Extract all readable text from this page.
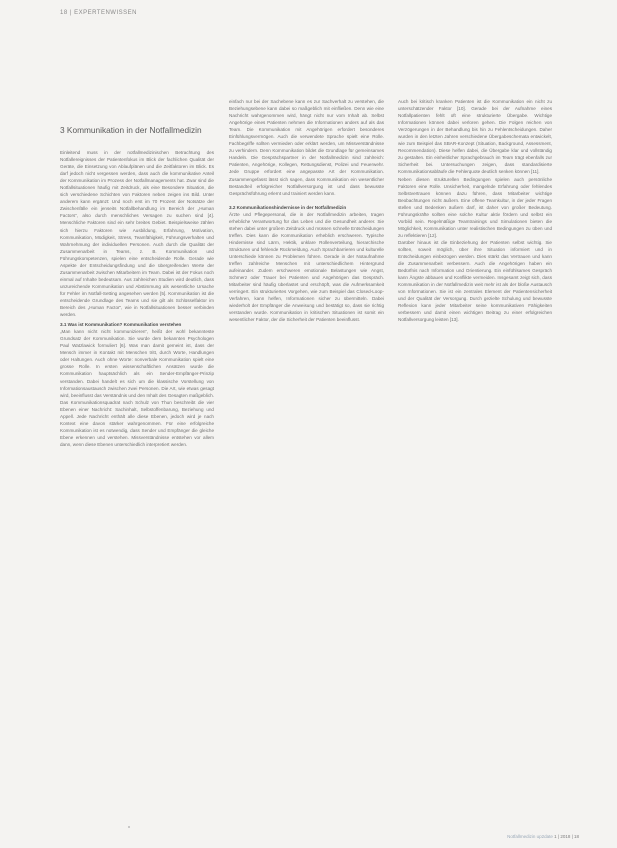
18 | EXPERTENWISSEN
3 Kommunikation in der Notfallmedizin

Einleitend muss in der notfallmedizinischen Betrachtung des Notfallereignisses der Patientenfokus im Blick der fachlichen Qualität der Geräte, die Einsetzung von Ablaufplänen und die Zeitfaktoren im Blick. Es darf jedoch nicht vergessen werden, dass auch die kommunikative Anteil der Kommunikation im Prozess der Notfallmanagements hat. Zwar sind die Notfallsituationen häufig mit Zeitdruck, als eine Besondere Situation, die sich verschiedene Schichten von Faktoren neben zeigen ins Bild. Unter anderem kann ergänzt: Und noch erst im 70 Prozent der Notsätze der Zwischenfälle ein jenseits Notfallbehandlung im Bereich der „Human Factors“, also durch menschliches Versagen zu suchen sind [4]. Menschliche Faktoren sind ein sehr breites Gebiet. Beispielsweise zählen sich hierzu Faktoren wie Ausbildung, Erfahrung, Motivation, Kommunikation, Müdigkeit, Stress, Teamfähigkeit, Führungsverhalten und Wahrnehmung der individuellen Personen. Auch durch die Qualität der Zusammenarbeit in Teams, z. B. Kommunikation und Führungskompetenzen, spielen eine entscheidende Rolle. Gerade wie Aspekte der Entscheidungsfindung und die übergreifenden Werte der Zusammenarbeit zwischen Mitarbeitern im Team. Dabei ist der Fokus noch einmal auf Inhalte bedeutsam. Aus zahlreichen Studien wird deutlich, dass unzureichende Kommunikation und Abstimmung als wesentliche Ursache für Fehler im Notfall-Setting angesehen werden [5]. Kommunikation ist die entscheidende Grundlage des Teams und sie gilt als Schlüsselfaktor im Bereich des „Human Factor“, wie in Notfallsituationen besser verbinden werden.

3.1 Was ist Kommunikation? Kommunikation verstehen

„Man kann nicht nicht kommunizieren“, heißt der wohl bekannteste Grundsatz der Kommunikation. Sie wurde dem bekannten Psychologen Paul Watzlawick formuliert [6]. Was man damit gemeint ist, dass der Mensch immer in Kontakt mit Menschen tritt, durch Worte, Handlungen oder Haltungen. Auch ohne Worte: nonverbale Kommunikation spielt eine grosse Rolle. In ersten wissenschaftlichen Ansätzen wurde die Kommunikation hauptsächlich als ein Sender-Empfänger-Prinzip verstanden. Dabei handelt es sich um die klassische Vorstellung von Informationsaustausch zwischen zwei Personen. Die Art, wie etwas gesagt wird, beeinflusst das Verständnis und den Inhalt des Gesagten maßgeblich. Das Kommunikationsquadrat nach Schulz von Thun beschreibt die vier Ebenen einer Nachricht: Sachinhalt, Selbstoffenbarung, Beziehung und Appell. Jede Nachricht enthält alle diese Ebenen, jedoch wird je nach Kontext eine davon stärker wahrgenommen. Für eine erfolgreiche Kommunikation ist es notwendig, dass Sender und Empfänger die gleiche Ebene erkennen und verstehen. Missverständnisse entstehen vor allem dann, wenn diese Ebenen unterschiedlich interpretiert werden.

einfach nur bei der Sachebene kann es zur Sachverhalt zu verstehen, die Beziehungsebene kann dabei so maßgeblich mit einfließen. Denn wie eine Nachricht wahrgenommen wird, hängt nicht nur vom Inhalt ab. Selbst Angehörige eines Patienten nehmen die Informationen anders auf als das Team. Die Kommunikation mit Angehörigen erfordert besonderes Einfühlungsvermögen. Auch die verwendete Sprache spielt eine Rolle. Fachbegriffe sollten vermieden oder erklärt werden, um Missverständnisse zu verhindern. Denn Kommunikation bildet die Grundlage für gemeinsames Handeln. Die Gesprächspartner in der Notfallmedizin sind zahlreich: Patienten, Angehörige, Kollegen, Rettungsdienst, Polizei und Feuerwehr. Jede Gruppe erfordert eine angepasste Art der Kommunikation. Zusammengefasst lässt sich sagen, dass Kommunikation ein wesentlicher Bestandteil erfolgreicher Notfallversorgung ist und dass bewusste Gesprächsführung erlernt und trainiert werden kann.

3.2 Kommunikationshindernisse in der Notfallmedizin

Ärzte und Pflegepersonal, die in der Notfallmedizin arbeiten, tragen erhebliche Verantwortung für das Leben und die Gesundheit anderer. Sie stehen dabei unter großem Zeitdruck und müssen schnelle Entscheidungen treffen. Dies kann die Kommunikation erheblich erschweren. Typische Hindernisse sind Lärm, Hektik, unklare Rollenverteilung, hierarchische Strukturen und fehlende Rückmeldung. Auch Sprachbarrieren und kulturelle Unterschiede können zu Problemen führen. Gerade in der Notaufnahme treffen zahlreiche Menschen mit unterschiedlichem Hintergrund aufeinander. Zudem erschweren emotionale Belastungen wie Angst, Schmerz oder Trauer bei Patienten und Angehörigen das Gespräch. Mitarbeiter sind häufig überlastet und erschöpft, was die Aufmerksamkeit verringert. Ein strukturiertes Vorgehen, wie zum Beispiel das Closed-Loop-Verfahren, kann helfen, Informationen sicher zu übermitteln. Dabei wiederholt der Empfänger die Anweisung und bestätigt so, dass sie richtig verstanden wurde. Kommunikation in kritischen Situationen ist somit ein wesentlicher Faktor, der die Sicherheit der Patienten beeinflusst.

Auch bei kritisch kranken Patienten ist die Kommunikation ein nicht zu unterschätzender Faktor [10]. Gerade bei der Aufnahme eines Notfallpatienten fehlt oft eine strukturierte Übergabe. Wichtige Informationen können dabei verloren gehen. Die Folgen reichen von Verzögerungen in der Behandlung bis hin zu Fehlentscheidungen. Daher wurden in den letzten Jahren verschiedene Übergabeschemata entwickelt, wie zum Beispiel das SBAR-Konzept (Situation, Background, Assessment, Recommendation). Diese helfen dabei, die Übergabe klar und vollständig zu gestalten. Ein einheitlicher Sprachgebrauch im Team trägt ebenfalls zur Sicherheit bei. Untersuchungen zeigen, dass standardisierte Kommunikationsabläufe die Fehlerquote deutlich senken können [11].

Neben diesen strukturellen Bedingungen spielen auch persönliche Faktoren eine Rolle. Unsicherheit, mangelnde Erfahrung oder fehlendes Selbstvertrauen können dazu führen, dass Mitarbeiter wichtige Beobachtungen nicht äußern. Eine offene Teamkultur, in der jeder Fragen stellen und Bedenken äußern darf, ist daher von großer Bedeutung. Führungskräfte sollten eine solche Kultur aktiv fördern und selbst ein Vorbild sein. Regelmäßige Teamtrainings und Simulationen bieten die Möglichkeit, Kommunikation unter realistischen Bedingungen zu üben und zu reflektieren [12].

Darüber hinaus ist die Einbeziehung der Patienten selbst wichtig. Sie sollten, soweit möglich, über ihre Situation informiert und in Entscheidungen einbezogen werden. Dies stärkt das Vertrauen und kann die Zusammenarbeit verbessern. Auch die Angehörigen haben ein Bedürfnis nach Information und Orientierung. Ein einfühlsames Gespräch kann Ängste abbauen und Konflikte vermeiden. Insgesamt zeigt sich, dass Kommunikation in der Notfallmedizin weit mehr ist als der bloße Austausch von Informationen. Sie ist ein zentrales Element der Patientensicherheit und der Qualität der Versorgung. Durch gezielte Schulung und bewusste Reflexion kann jeder Mitarbeiter seine kommunikativen Fähigkeiten verbessern und damit einen wichtigen Beitrag zu einer erfolgreichen Notfallversorgung leisten [13].

Notfallmedizin up2date 1 | 2018 | 18
